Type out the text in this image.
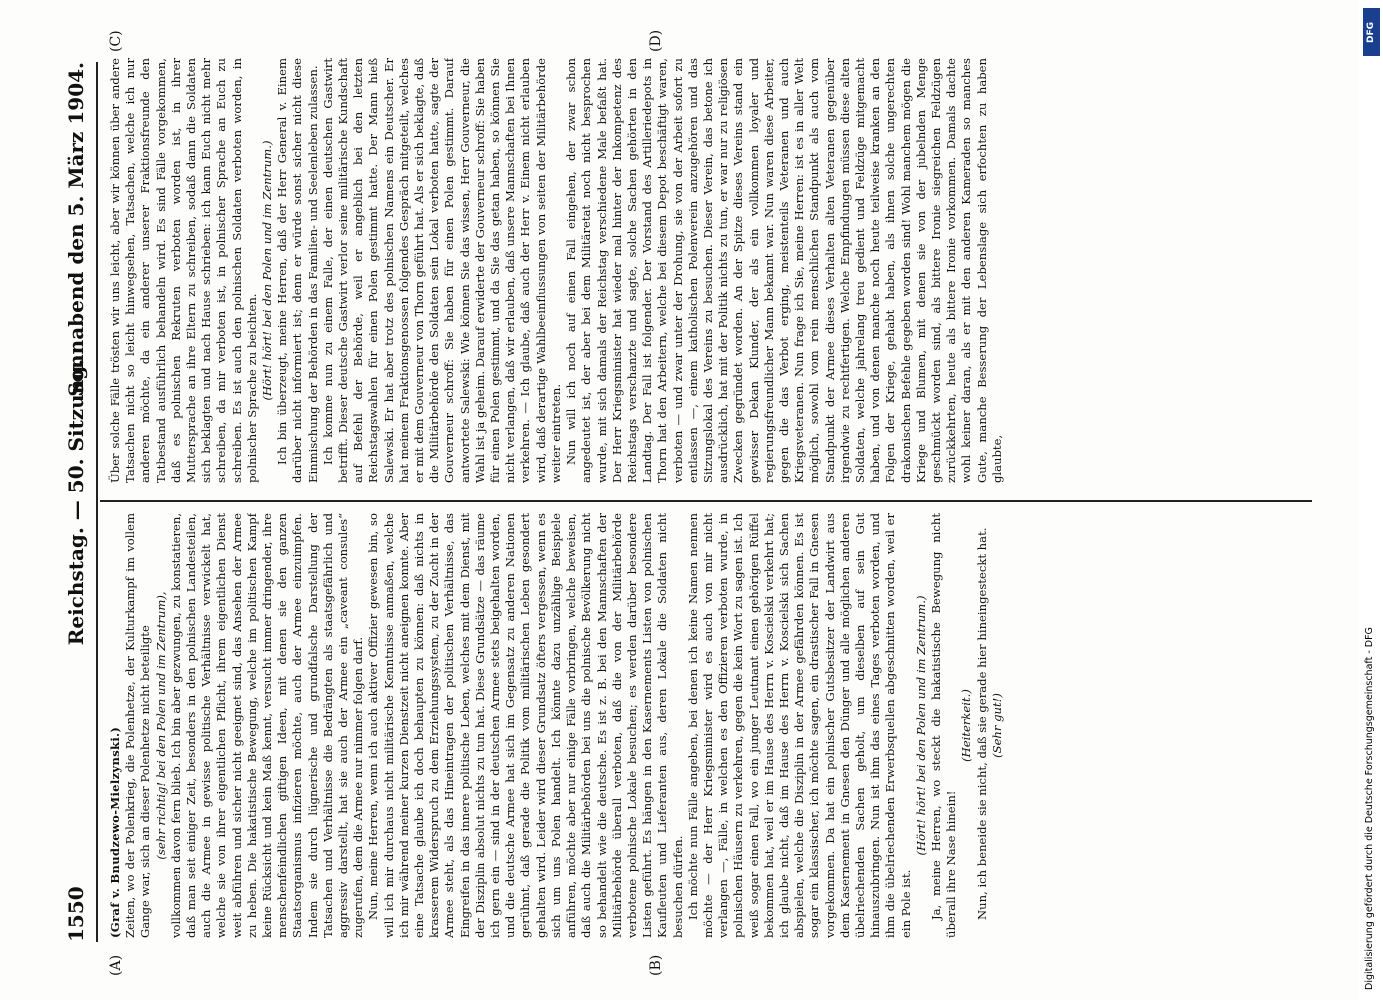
1550
Reichstag. — 50. Sitzung.
Sonnabend den 5. März 1904.
(A)	(B)
(C)	(D)

(Graf v. Bnudzewo-Mielzynski.) Zeiten, wo der Polenkrieg, die Polenhetze, der Kulturkampf im vollem Gange war, sich an dieser Polenhetze nicht beteiligte (sehr richtig! bei den Polen und im Zentrum), vollkommen davon fern blieb. Ich bin aber gezwungen, zu konstatieren, daß man seit einiger Zeit, besonders in den polnischen Landesteilen, auch die Armee in gewisse politische Verhältnisse verwickelt hat, welche sie von ihrer eigentlichen Pflicht, ihrem eigentlichen Dienst weit abführen und sicher nicht geeignet sind, das Ansehen der Armee zu heben. Die hakatistische Bewegung, welche im politischen Kampf keine Rücksicht und kein Maß kennt, versucht immer dringender, ihre menschenfeindlichen giftigen Ideen, mit denen sie den ganzen Staatsorganismus infizieren möchte, auch der Armee einzuimpfen. Indem sie durch lügnerische und grundfalsche Darstellung der Tatsachen und Verhältnisse die Bedrängten als staatsgefährlich und aggressiv darstellt, hat sie auch der Armee ein „caveant consules“ zugerufen, dem die Armee nur nimmer folgen darf. Nun, meine Herren, wenn ich auch aktiver Offizier gewesen bin, so will ich mir durchaus nicht militärische Kenntnisse anmaßen, welche ich mir während meiner kurzen Dienstzeit nicht aneignen konnte. Aber eine Tatsache glaube ich doch behaupten zu können: daß nichts in krasserem Widerspruch zu dem Erziehungssystem, zu der Zucht in der Armee steht, als das Hineintragen der politischen Verhältnisse, das Eingreifen in das innere politische Leben, welches mit dem Dienst, mit der Disziplin absolut nichts zu tun hat. Diese Grundsätze — das räume ich gern ein — sind in der deutschen Armee stets beigehalten worden, und die deutsche Armee hat sich im Gegensatz zu anderen Nationen gerühmt, daß gerade die Politik vom militärischen Leben gesondert gehalten wird. Leider wird dieser Grundsatz öfters vergessen, wenn es sich um uns Polen handelt. Ich könnte dazu unzählige Beispiele anführen, möchte aber nur einige Fälle vorbringen, welche beweisen, daß auch die Militärbehörden bei uns die polnische Bevölkerung nicht so behandelt wie die deutsche. Es ist z. B. bei den Mannschaften der Militärbehörde überall verboten, daß die von der Militärbehörde verbotene polnische Lokale besuchen; es werden darüber besondere Listen geführt. Es hängen in den Kasernements Listen von polnischen Kaufleuten und Lieferanten aus, deren Lokale die Soldaten nicht besuchen dürfen. Ich möchte nun Fälle angeben, bei denen ich keine Namen nennen möchte — der Herr Kriegsminister wird es auch von mir nicht verlangen —, Fälle, in welchen es den Offizieren verboten wurde, in polnischen Häusern zu verkehren, gegen die kein Wort zu sagen ist. Ich weiß sogar einen Fall, wo ein junger Leutnant einen gehörigen Rüffel bekommen hat, weil er im Hause des Herrn v. Koscielski verkehrt hat; ich glaube nicht, daß im Hause des Herrn v. Koscielski sich Sachen abspielen, welche die Disziplin in der Armee gefährden können. Es ist sogar ein klassischer, ich möchte sagen, ein drastischer Fall in Gnesen vorgekommen. Da hat ein polnischer Gutsbesitzer der Landwirt aus dem Kasernement in Gnesen den Dünger und alle möglichen anderen übelriechenden Sachen geholt, um dieselben auf sein Gut hinauszubringen. Nun ist ihm das eines Tages verboten worden, und ihm die übelriechenden Erwerbsquellen abgeschnitten worden, weil er ein Pole ist.

(Hört! hört! bei den Polen und im Zentrum.) Ja, meine Herren, wo steckt die hakatistische Bewegung nicht überall ihre Nase hinein!

(Heiterkeit.) Nun, ich beneide sie nicht, daß sie gerade hier hineingesteckt hat. (Sehr gut!)

Über solche Fälle trösten wir uns leicht, aber wir können über andere Tatsachen nicht so leicht hinwegsehen, Tatsachen, welche ich nur anderen möchte, da ein anderer unserer Fraktionsfreunde den Tatbestand ausführlich behandeln wird. Es sind Fälle vorgekommen, daß es polnischen Rekruten verboten worden ist, in ihrer Muttersprache an ihre Eltern zu schreiben, sodaß dann die Soldaten sich beklagten und nach Hause schrieben: ich kann Euch nicht mehr schreiben, da mir verboten ist, in polnischer Sprache an Euch zu schreiben. Es ist auch den polnischen Soldaten verboten worden, in polnischer Sprache zu beichten. (Hört! hört! bei den Polen und im Zentrum.) Ich bin überzeugt, meine Herren, daß der Herr General v. Einem darüber nicht informiert ist; denn er würde sonst sicher nicht diese Einmischung der Behörden in das Familien- und Seelenleben zulassen. Ich komme nun zu einem Falle, der einen deutschen Gastwirt betrifft. Dieser deutsche Gastwirt verlor seine militärische Kundschaft auf Befehl der Behörde, weil er angeblich bei den letzten Reichstagswahlen für einen Polen gestimmt hatte. Der Mann hieß Salewski. Er hat aber trotz des polnischen Namens ein Deutscher. Er hat meinem Fraktionsgenossen folgendes Gespräch mitgeteilt, welches er mit dem Gouverneur von Thorn geführt hat. Als er sich beklagte, daß die Militärbehörde den Soldaten sein Lokal verboten hatte, sagte der Gouverneur schroff: Sie haben für einen Polen gestimmt. Darauf antwortete Salewski: Wie können Sie das wissen, Herr Gouverneur, die Wahl ist ja geheim. Darauf erwiderte der Gouverneur schroff: Sie haben für einen Polen gestimmt, und da Sie das getan haben, so können Sie nicht verlangen, daß wir erlauben, daß unsere Mannschaften bei Ihnen verkehren. — Ich glaube, daß auch der Herr v. Einem nicht erlauben wird, daß derartige Wahlbeeinflussungen von seiten der Militärbehörde weiter eintreten. Nun will ich noch auf einen Fall eingehen, der zwar schon angedeutet ist, der aber bei dem Militäretat noch nicht besprochen wurde, mit sich damals der Reichstag verschiedene Male befaßt hat. Der Herr Kriegsminister hat wieder mal hinter der Inkompetenz des Reichstags verschanzte und sagte, solche Sachen gehörten in den Landtag. Der Fall ist folgender. Der Vorstand des Artilleriedepots in Thorn hat den Arbeitern, welche bei diesem Depot beschäftigt waren, verboten — und zwar unter der Drohung, sie von der Arbeit sofort zu entlassen —, einem katholischen Polenverein anzugehören und das Sitzungslokal des Vereins zu besuchen. Dieser Verein, das betone ich ausdrücklich, hat mit der Politik nichts zu tun, er war nur zu religiösen Zwecken gegründet worden. An der Spitze dieses Vereins stand ein gewisser Dekan Klunder, der als ein vollkommen loyaler und regierungsfreundlicher Mann bekannt war. Nun waren diese Arbeiter, gegen die das Verbot erging, meistenteils Veteranen und auch Kriegsveteranen. Nun frage ich Sie, meine Herren: ist es in aller Welt möglich, sowohl vom rein menschlichen Standpunkt als auch vom Standpunkt der Armee dieses Verhalten alten Veteranen gegenüber irgendwie zu rechtfertigen. Welche Empfindungen müssen diese alten Soldaten, welche jahrelang treu gedient und Feldzüge mitgemacht haben, und von denen manche noch heute teilweise kranken an den Folgen der Kriege, gehabt haben, als ihnen solche ungerechten drakonischen Befehle gegeben worden sind! Wohl manchem mögen die Kriege und Blumen, mit denen sie von der jubelnden Menge geschmückt worden sind, als bittere Ironie siegreichen Feldzügen zurückkehrten, heute als bittere Ironie vorkommen. Damals dachte wohl keiner daran, als er mit den anderen Kameraden so manches Gute, manche Besserung der Lebenslage sich erfochten zu haben glaubte,

DFG
Digitalisierung gefördert durch die Deutsche Forschungsgemeinschaft - DFG
